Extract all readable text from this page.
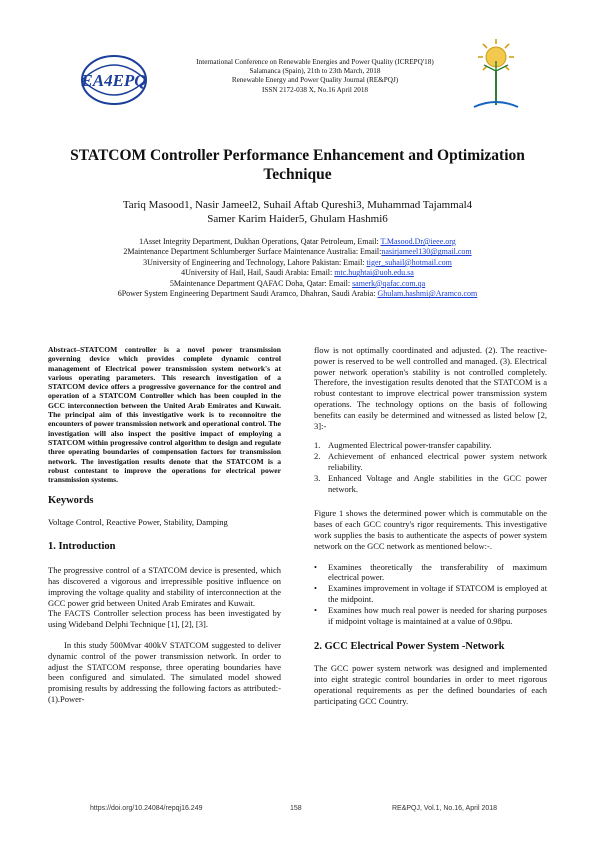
EA4EPQ
International Conference on Renewable Energies and Power Quality (ICREPQ'18)
Salamanca (Spain), 21th to 23th March, 2018
Renewable Energy and Power Quality Journal (RE&PQJ)
ISSN 2172-038 X, No.16 April 2018
STATCOM Controller Performance Enhancement and Optimization Technique
Tariq Masood1, Nasir Jameel2, Suhail Aftab Qureshi3, Muhammad Tajammal4
Samer Karim Haider5, Ghulam Hashmi6
1Asset Integrity Department, Dukhan Operations, Qatar Petroleum, Email: T.Masood.Dr@ieee.org
2Maintenance Department Schlumberger Surface Maintenance Australia: Email:nasirjameel130@gmail.com
3University of Engineering and Technology, Lahore Pakistan: Email: tiger_suhail@hotmail.com
4University of Hail, Hail, Saudi Arabia: Email: mtc.hughtai@uoh.edu.sa
5Maintenance Department QAFAC Doha, Qatar: Email: samerk@qafac.com.qa
6Power System Engineering Department Saudi Aramco, Dhahran, Saudi Arabia: Ghulam.hashmi@Aramco.com

Abstract–STATCOM controller is a novel power transmission governing device which provides complete dynamic control management of Electrical power transmission system network's at various operating parameters. This research investigation of a STATCOM device offers a progressive governance for the control and operation of a STATCOM Controller which has been coupled in the GCC interconnection between the United Arab Emirates and Kuwait. The principal aim of this investigative work is to reconnoitre the encounters of power transmission network and operational control. The investigation will also inspect the positive impact of employing a STATCOM within progressive control algorithm to design and regulate three operating boundaries of compensation factors for transmission network. The investigation results denote that the STATCOM is a robust contestant to improve the operations for electrical power transmission systems.

Keywords

Voltage Control, Reactive Power, Stability, Damping

1. Introduction

The progressive control of a STATCOM device is presented, which has discovered a vigorous and irrepressible positive influence on improving the voltage quality and stability of interconnection at the GCC power grid between United Arab Emirates and Kuwait.

The FACTS Controller selection process has been investigated by using Wideband Delphi Technique [1], [2], [3].

In this study 500Mvar 400kV STATCOM suggested to deliver dynamic control of the power transmission network. In order to adjust the STATCOM response, three operating boundaries have been configured and simulated. The simulated model showed promising results by addressing the following factors as attributed:-(1).Power-

flow is not optimally coordinated and adjusted. (2). The reactive-power is reserved to be well controlled and managed. (3). Electrical power network operation's stability is not controlled completely. Therefore, the investigation results denoted that the STATCOM is a robust contestant to improve electrical power transmission system operations. The technology options on the basis of following benefits can easily be determined and witnessed as listed below [2, 3]:-

1. Augmented Electrical power-transfer capability.
2. Achievement of enhanced electrical power system network reliability.
3. Enhanced Voltage and Angle stabilities in the GCC power network.

Figure 1 shows the determined power which is commutable on the bases of each GCC country's rigor requirements. This investigative work supplies the basis to authenticate the aspects of power system network on the GCC network as mentioned below:-.

• Examines theoretically the transferability of maximum electrical power.
• Examines improvement in voltage if STATCOM is employed at the midpoint.
• Examines how much real power is needed for sharing purposes if midpoint voltage is maintained at a value of 0.98pu.
2. GCC Electrical Power System -Network

The GCC power system network was designed and implemented into eight strategic control boundaries in order to meet rigorous operational requirements as per the defined boundaries of each participating GCC Country.

https://doi.org/10.24084/repqj16.249	158	RE&PQJ, Vol.1, No.16, April 2018
